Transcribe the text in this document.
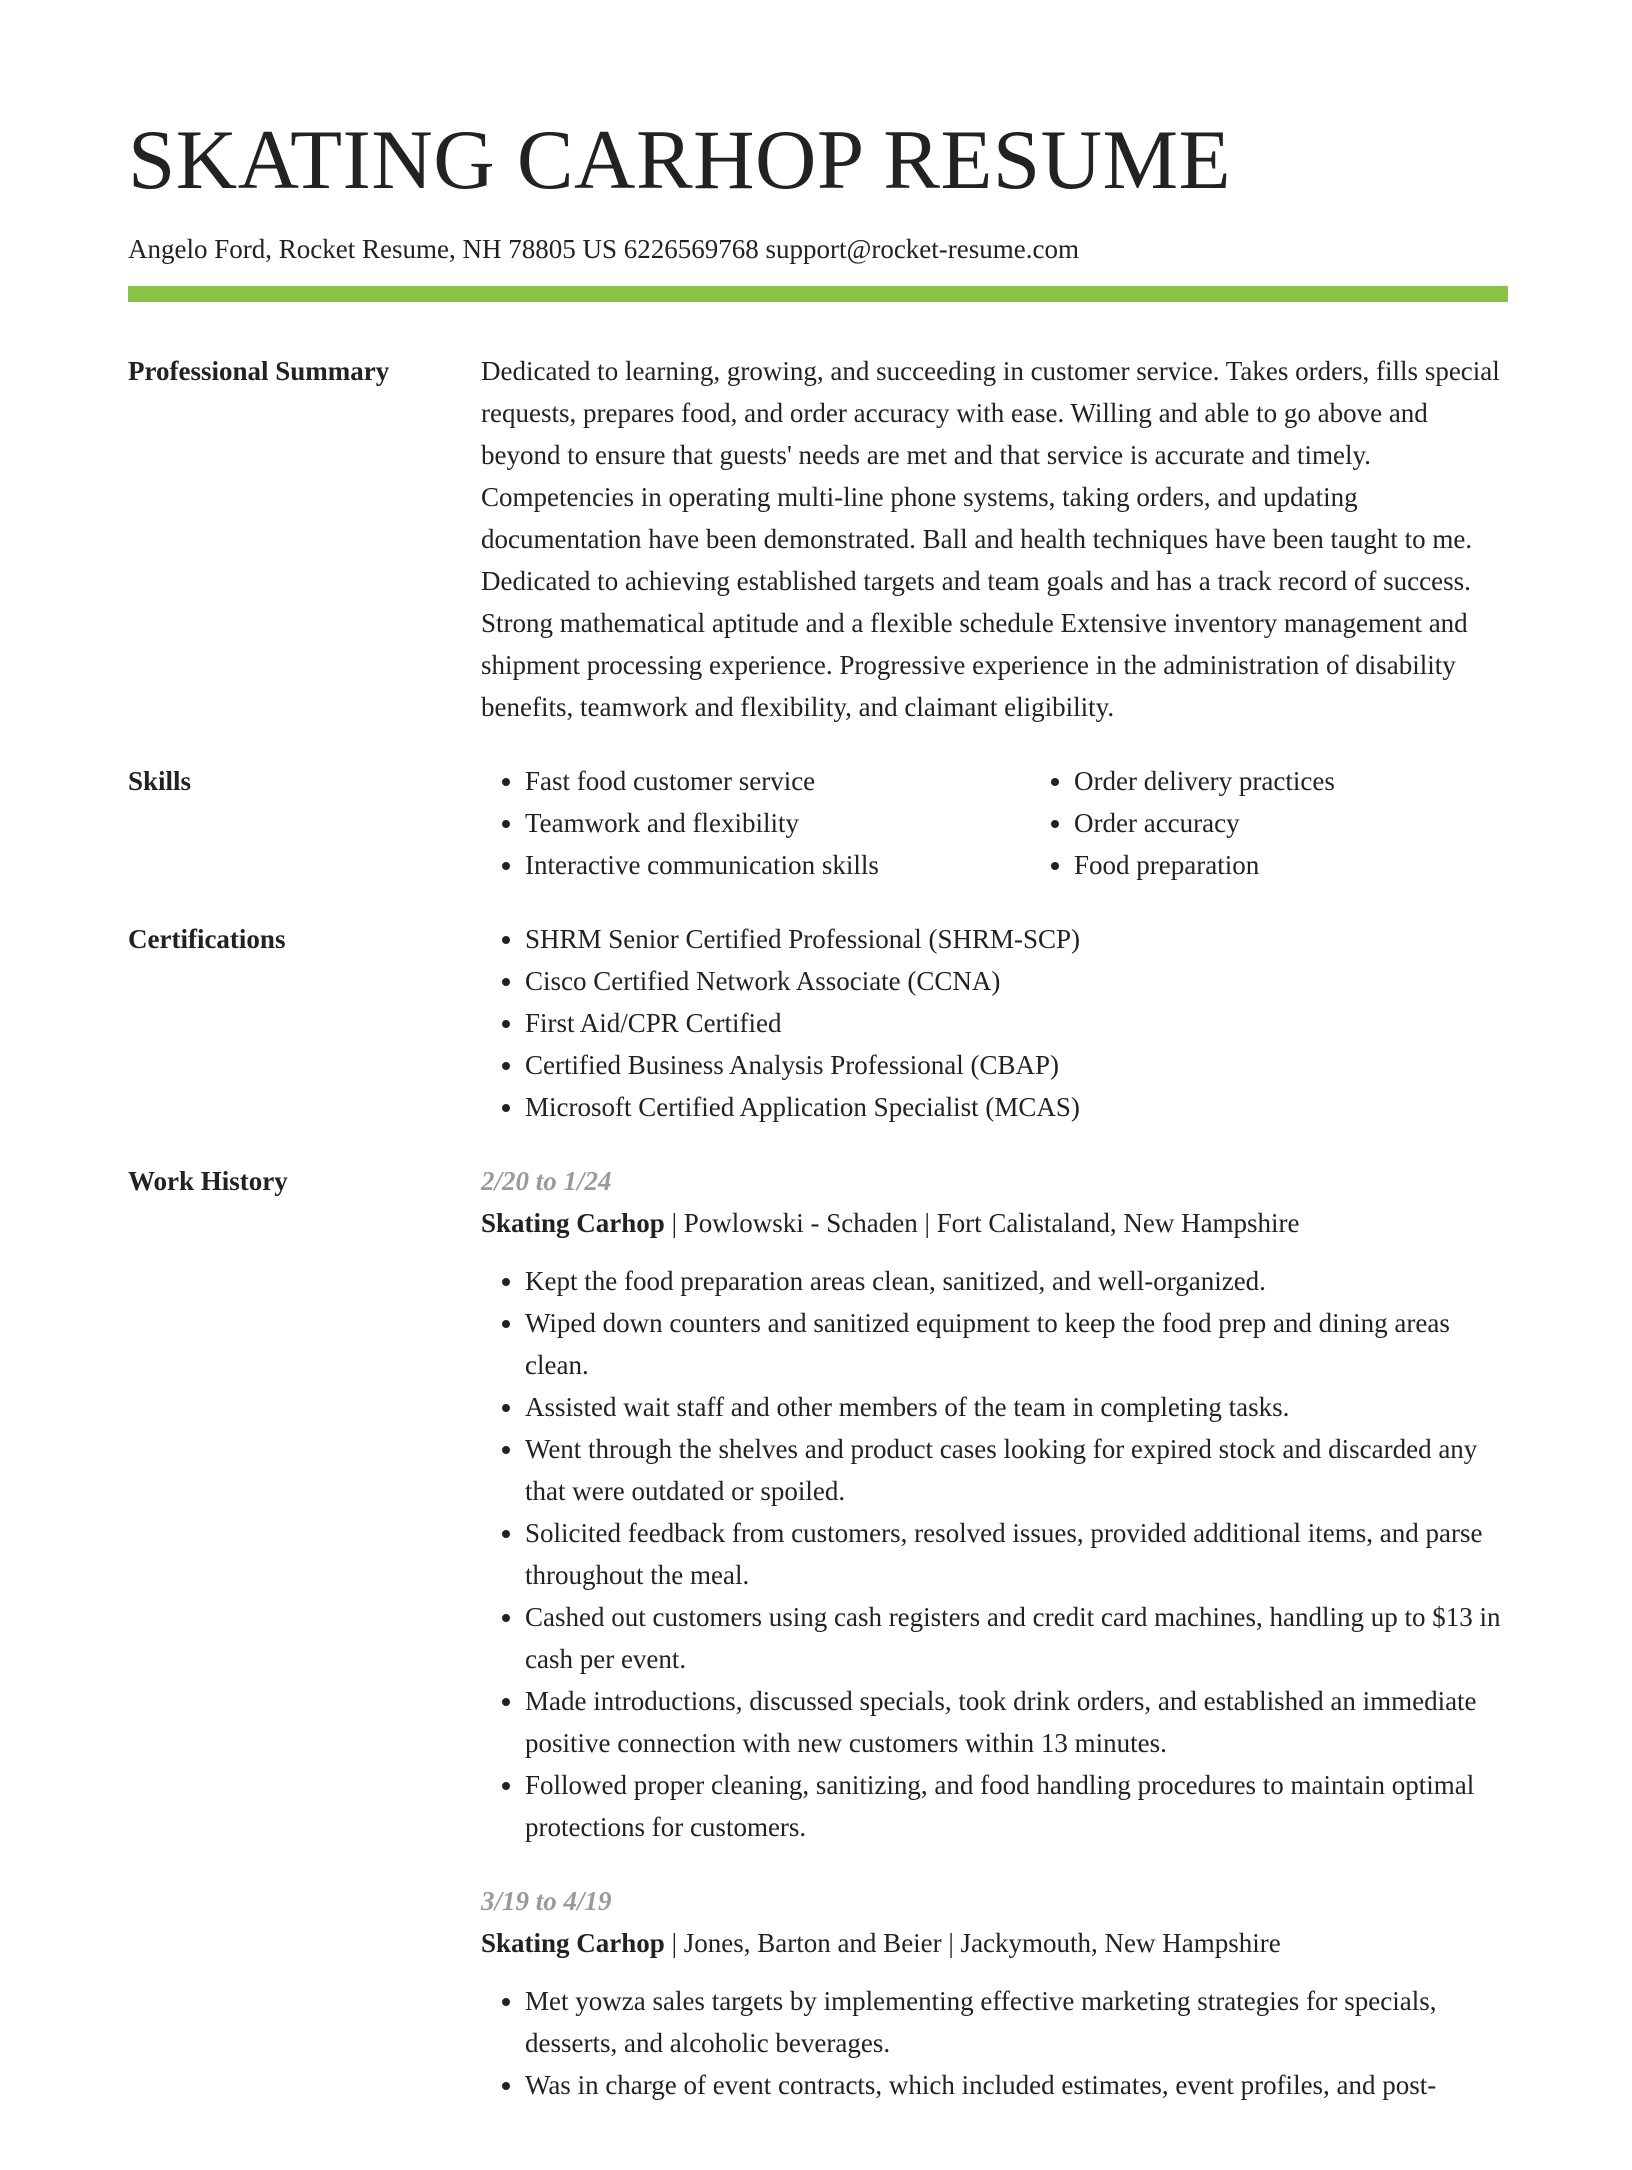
SKATING CARHOP RESUME
Angelo Ford, Rocket Resume, NH 78805 US 6226569768 support@rocket-resume.com
Professional Summary	Dedicated to learning, growing, and succeeding in customer service. Takes orders, fills special requests, prepares food, and order accuracy with ease. Willing and able to go above and beyond to ensure that guests' needs are met and that service is accurate and timely. Competencies in operating multi-line phone systems, taking orders, and updating documentation have been demonstrated. Ball and health techniques have been taught to me. Dedicated to achieving established targets and team goals and has a track record of success. Strong mathematical aptitude and a flexible schedule Extensive inventory management and shipment processing experience. Progressive experience in the administration of disability benefits, teamwork and flexibility, and claimant eligibility.

Skills	• Fast food customer service
• Teamwork and flexibility
• Interactive communication skills
• Order delivery practices
• Order accuracy
• Food preparation
Certifications	• SHRM Senior Certified Professional (SHRM-SCP)
• Cisco Certified Network Associate (CCNA)
• First Aid/CPR Certified
• Certified Business Analysis Professional (CBAP)
• Microsoft Certified Application Specialist (MCAS)
Work History	2/20 to 1/24
Skating Carhop | Powlowski - Schaden | Fort Calistaland, New Hampshire
• Kept the food preparation areas clean, sanitized, and well-organized.
• Wiped down counters and sanitized equipment to keep the food prep and dining areas clean.
• Assisted wait staff and other members of the team in completing tasks.
• Went through the shelves and product cases looking for expired stock and discarded any that were outdated or spoiled.
• Solicited feedback from customers, resolved issues, provided additional items, and parse throughout the meal.
• Cashed out customers using cash registers and credit card machines, handling up to $13 in cash per event.
• Made introductions, discussed specials, took drink orders, and established an immediate positive connection with new customers within 13 minutes.
• Followed proper cleaning, sanitizing, and food handling procedures to maintain optimal protections for customers.
3/19 to 4/19
Skating Carhop | Jones, Barton and Beier | Jackymouth, New Hampshire
• Met yowza sales targets by implementing effective marketing strategies for specials, desserts, and alcoholic beverages.
• Was in charge of event contracts, which included estimates, event profiles, and post-
